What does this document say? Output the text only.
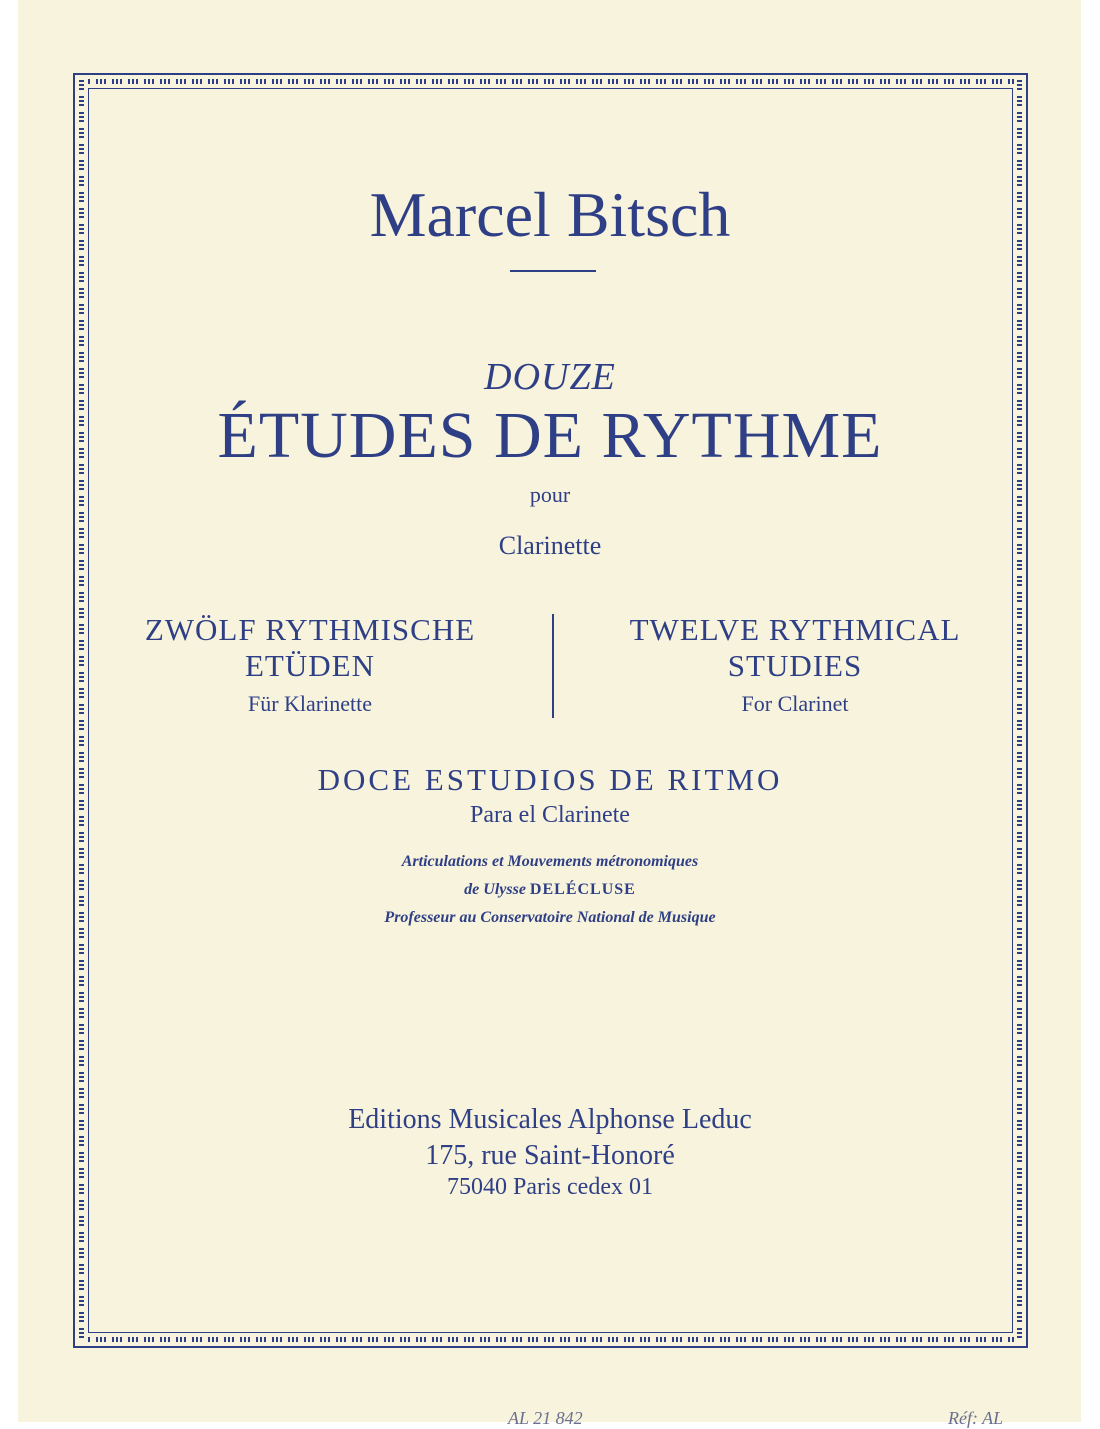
Marcel Bitsch
DOUZE
ÉTUDES DE RYTHME
pour
Clarinette
ZWÖLF RYTHMISCHE
ETÜDEN
Für Klarinette
TWELVE RYTHMICAL
STUDIES
For Clarinet
DOCE ESTUDIOS DE RITMO
Para el Clarinete
Articulations et Mouvements métronomiques
de Ulysse DELÉCLUSE
Professeur au Conservatoire National de Musique
Editions Musicales Alphonse Leduc
175, rue Saint-Honoré
75040 Paris cedex 01
AL 21 842	Réf: AL
